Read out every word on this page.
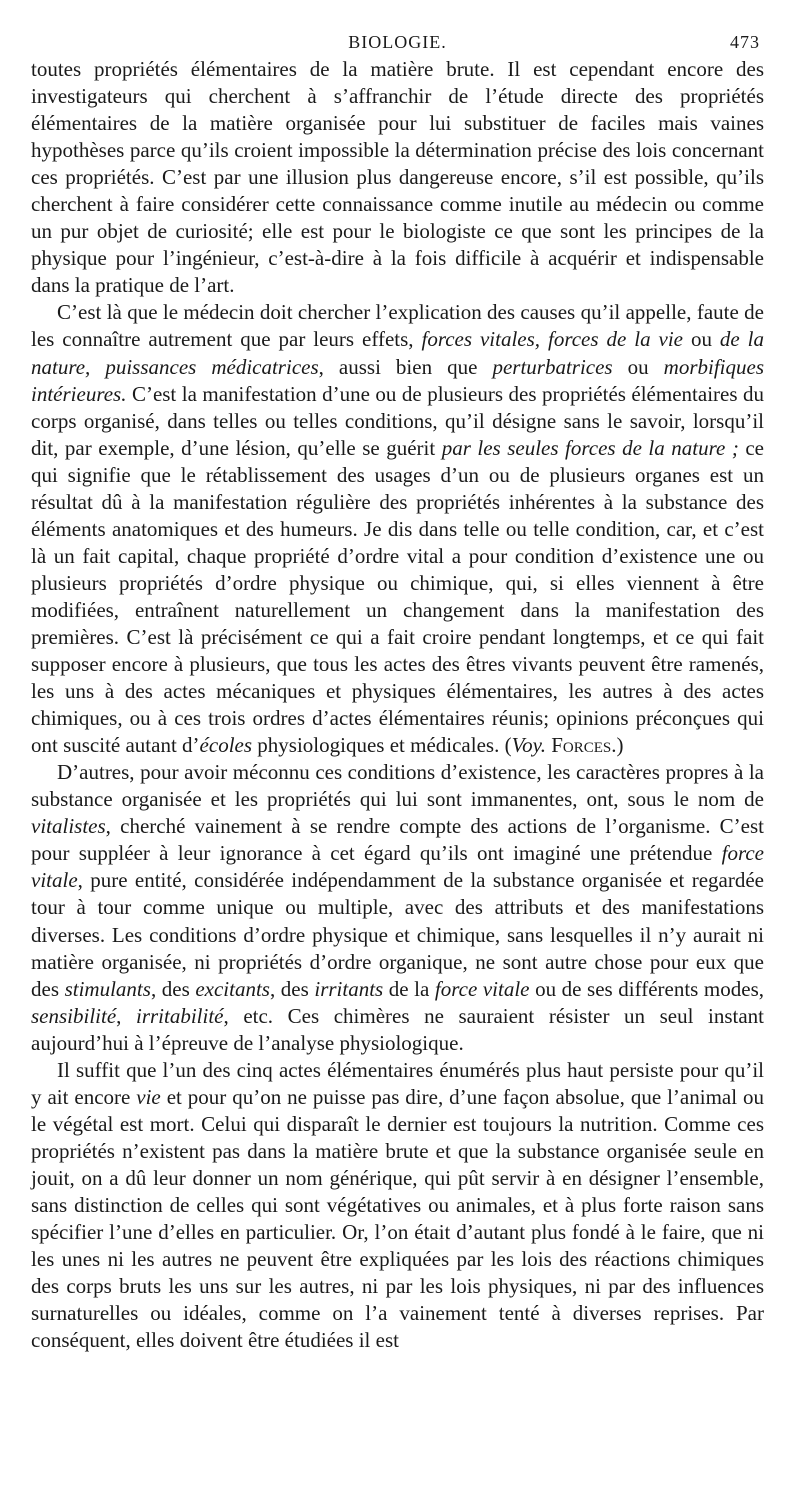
BIOLOGIE.	473

toutes propriétés élémentaires de la matière brute. Il est cependant encore des investigateurs qui cherchent à s’affranchir de l’étude directe des propriétés élémentaires de la matière organisée pour lui substituer de faciles mais vaines hypothèses parce qu’ils croient impossible la détermination précise des lois concernant ces propriétés. C’est par une illusion plus dangereuse encore, s’il est possible, qu’ils cherchent à faire considérer cette connaissance comme inutile au médecin ou comme un pur objet de curiosité; elle est pour le biologiste ce que sont les principes de la physique pour l’ingénieur, c’est-à-dire à la fois difficile à acquérir et indispensable dans la pratique de l’art.

C’est là que le médecin doit chercher l’explication des causes qu’il appelle, faute de les connaître autrement que par leurs effets, forces vitales, forces de la vie ou de la nature, puissances médicatrices, aussi bien que perturbatrices ou morbifiques intérieures. C’est la manifestation d’une ou de plusieurs des propriétés élémentaires du corps organisé, dans telles ou telles conditions, qu’il désigne sans le savoir, lorsqu’il dit, par exemple, d’une lésion, qu’elle se guérit par les seules forces de la nature ; ce qui signifie que le rétablissement des usages d’un ou de plusieurs organes est un résultat dû à la manifestation régulière des propriétés inhérentes à la substance des éléments anatomiques et des humeurs. Je dis dans telle ou telle condition, car, et c’est là un fait capital, chaque propriété d’ordre vital a pour condition d’existence une ou plusieurs propriétés d’ordre physique ou chimique, qui, si elles viennent à être modifiées, entraînent naturellement un changement dans la manifestation des premières. C’est là précisément ce qui a fait croire pendant longtemps, et ce qui fait supposer encore à plusieurs, que tous les actes des êtres vivants peuvent être ramenés, les uns à des actes mécaniques et physiques élémentaires, les autres à des actes chimiques, ou à ces trois ordres d’actes élémentaires réunis; opinions préconçues qui ont suscité autant d’écoles physiologiques et médicales. (Voy. Forces.)

D’autres, pour avoir méconnu ces conditions d’existence, les caractères propres à la substance organisée et les propriétés qui lui sont immanentes, ont, sous le nom de vitalistes, cherché vainement à se rendre compte des actions de l’organisme. C’est pour suppléer à leur ignorance à cet égard qu’ils ont imaginé une prétendue force vitale, pure entité, considérée indépendamment de la substance organisée et regardée tour à tour comme unique ou multiple, avec des attributs et des manifestations diverses. Les conditions d’ordre physique et chimique, sans lesquelles il n’y aurait ni matière organisée, ni propriétés d’ordre organique, ne sont autre chose pour eux que des stimulants, des excitants, des irritants de la force vitale ou de ses différents modes, sensibilité, irritabilité, etc. Ces chimères ne sauraient résister un seul instant aujourd’hui à l’épreuve de l’analyse physiologique.

Il suffit que l’un des cinq actes élémentaires énumérés plus haut persiste pour qu’il y ait encore vie et pour qu’on ne puisse pas dire, d’une façon absolue, que l’animal ou le végétal est mort. Celui qui disparaît le dernier est toujours la nutrition. Comme ces propriétés n’existent pas dans la matière brute et que la substance organisée seule en jouit, on a dû leur donner un nom générique, qui pût servir à en désigner l’ensemble, sans distinction de celles qui sont végétatives ou animales, et à plus forte raison sans spécifier l’une d’elles en particulier. Or, l’on était d’autant plus fondé à le faire, que ni les unes ni les autres ne peuvent être expliquées par les lois des réactions chimiques des corps bruts les uns sur les autres, ni par les lois physiques, ni par des influences surnaturelles ou idéales, comme on l’a vainement tenté à diverses reprises. Par conséquent, elles doivent être étudiées il est
